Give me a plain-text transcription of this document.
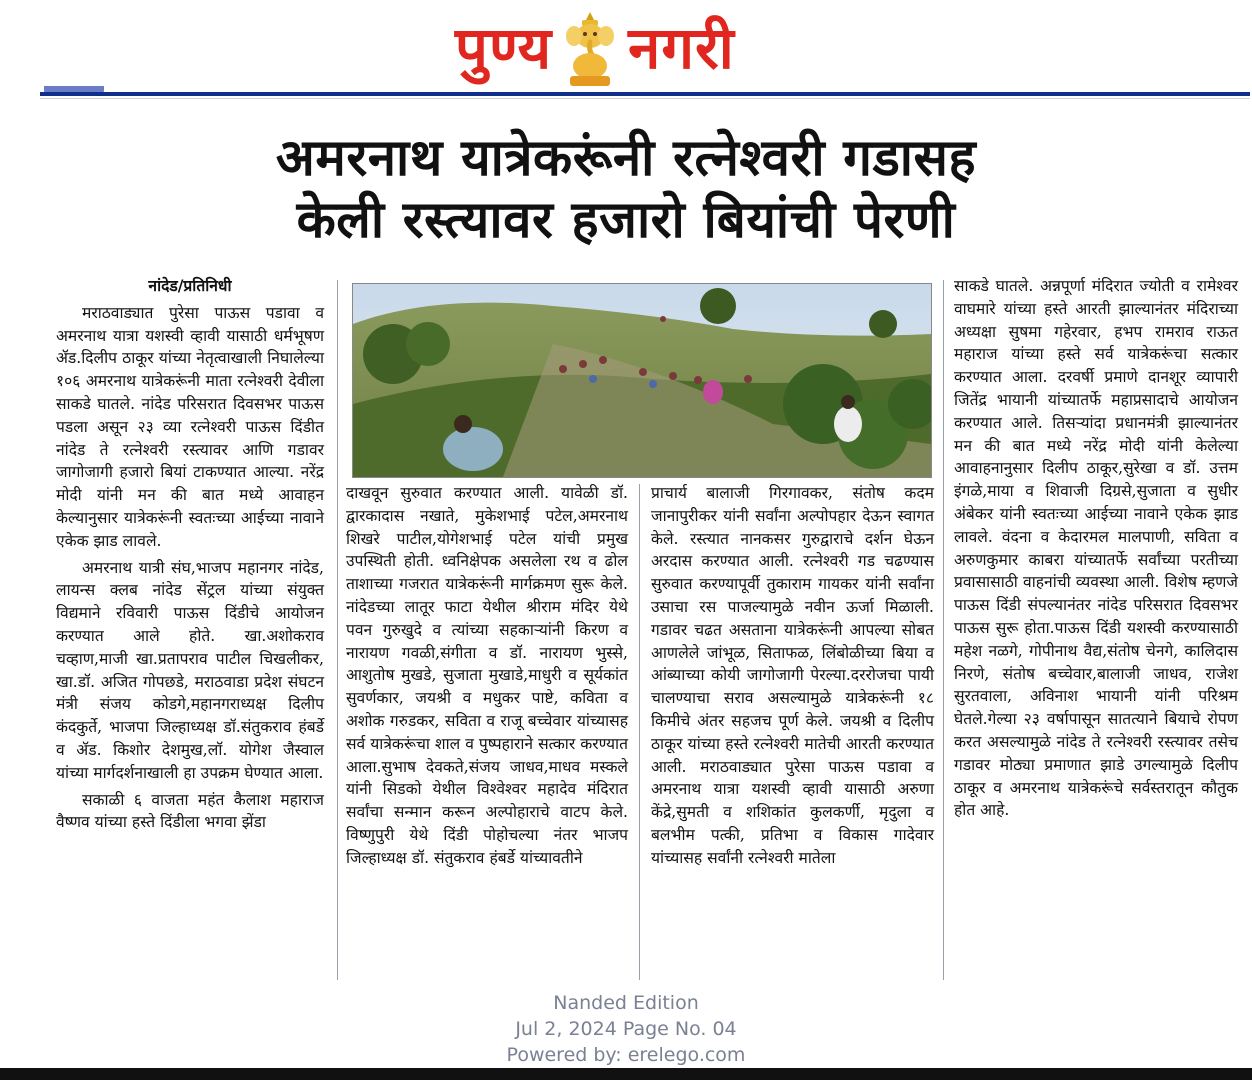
पुण्य नगरी
अमरनाथ यात्रेकरूंनी रत्नेश्वरी गडासह
केली रस्त्यावर हजारो बियांची पेरणी

नांदेड/प्रतिनिधी

मराठवाड्यात पुरेसा पाऊस पडावा व अमरनाथ यात्रा यशस्वी व्हावी यासाठी धर्मभूषण ॲड.दिलीप ठाकूर यांच्या नेतृत्वाखाली निघालेल्या १०६ अमरनाथ यात्रेकरूंनी माता रत्नेश्वरी देवीला साकडे घातले. नांदेड परिसरात दिवसभर पाऊस पडला असून २३ व्या रत्नेश्वरी पाऊस दिंडीत नांदेड ते रत्नेश्वरी रस्त्यावर आणि गडावर जागोजागी हजारो बियां टाकण्यात आल्या. नरेंद्र मोदी यांनी मन की बात मध्ये आवाहन केल्यानुसार यात्रेकरूंनी स्वतःच्या आईच्या नावाने एकेक झाड लावले.

अमरनाथ यात्री संघ,भाजप महानगर नांदेड, लायन्स क्लब नांदेड सेंट्रल यांच्या संयुक्त विद्यमाने रविवारी पाऊस दिंडीचे आयोजन करण्यात आले होते. खा.अशोकराव चव्हाण,माजी खा.प्रतापराव पाटील चिखलीकर, खा.डॉ. अजित गोपछडे, मराठवाडा प्रदेश संघटन मंत्री संजय कोडगे,महानगराध्यक्ष दिलीप कंदकुर्ते, भाजपा जिल्हाध्यक्ष डॉ.संतुकराव हंबर्डे व ॲड. किशोर देशमुख,लॉ. योगेश जैस्वाल यांच्या मार्गदर्शनाखाली हा उपक्रम घेण्यात आला.

सकाळी ६ वाजता महंत कैलाश महाराज वैष्णव यांच्या हस्ते दिंडीला भगवा झेंडा

दाखवून सुरुवात करण्यात आली. यावेळी डॉ. द्वारकादास नखाते, मुकेशभाई पटेल,अमरनाथ शिखरे पाटील,योगेशभाई पटेल यांची प्रमुख उपस्थिती होती. ध्वनिक्षेपक असलेला रथ व ढोल ताशाच्या गजरात यात्रेकरूंनी मार्गक्रमण सुरू केले. नांदेडच्या लातूर फाटा येथील श्रीराम मंदिर येथे पवन गुरुखुदे व त्यांच्या सहकाऱ्यांनी किरण व नारायण गवळी,संगीता व डॉ. नारायण भुस्से, आशुतोष मुखडे, सुजाता मुखाडे,माधुरी व सूर्यकांत सुवर्णकार, जयश्री व मधुकर पाष्टे, कविता व अशोक गरुडकर, सविता व राजू बच्चेवार यांच्यासह सर्व यात्रेकरूंचा शाल व पुष्पहाराने सत्कार करण्यात आला.सुभाष देवकते,संजय जाधव,माधव मस्कले यांनी सिडको येथील विश्वेश्वर महादेव मंदिरात सर्वांचा सन्मान करून अल्पोहाराचे वाटप केले. विष्णुपुरी येथे दिंडी पोहोचल्या नंतर भाजप जिल्हाध्यक्ष डॉ. संतुकराव हंबर्डे यांच्यावतीने

प्राचार्य बालाजी गिरगावकर, संतोष कदम जानापुरीकर यांनी सर्वांना अल्पोपहार देऊन स्वागत केले. रस्त्यात नानकसर गुरुद्वाराचे दर्शन घेऊन अरदास करण्यात आली. रत्नेश्वरी गड चढण्यास सुरुवात करण्यापूर्वी तुकाराम गायकर यांनी सर्वांना उसाचा रस पाजल्यामुळे नवीन ऊर्जा मिळाली. गडावर चढत असताना यात्रेकरूंनी आपल्या सोबत आणलेले जांभूळ, सिताफळ, लिंबोळीच्या बिया व आंब्याच्या कोयी जागोजागी पेरल्या.दररोजचा पायी चालण्याचा सराव असल्यामुळे यात्रेकरूंनी १८ किमीचे अंतर सहजच पूर्ण केले. जयश्री व दिलीप ठाकूर यांच्या हस्ते रत्नेश्वरी मातेची आरती करण्यात आली. मराठवाड्यात पुरेसा पाऊस पडावा व अमरनाथ यात्रा यशस्वी व्हावी यासाठी अरुणा केंद्रे,सुमती व शशिकांत कुलकर्णी, मृदुला व बलभीम पत्की, प्रतिभा व विकास गादेवार यांच्यासह सर्वांनी रत्नेश्वरी मातेला

साकडे घातले. अन्नपूर्णा मंदिरात ज्योती व रामेश्वर वाघमारे यांच्या हस्ते आरती झाल्यानंतर मंदिराच्या अध्यक्षा सुषमा गहेरवार, हभप रामराव राऊत महाराज यांच्या हस्ते सर्व यात्रेकरूंचा सत्कार करण्यात आला. दरवर्षी प्रमाणे दानशूर व्यापारी जितेंद्र भायानी यांच्यातर्फे महाप्रसादाचे आयोजन करण्यात आले. तिसऱ्यांदा प्रधानमंत्री झाल्यानंतर मन की बात मध्ये नरेंद्र मोदी यांनी केलेल्या आवाहनानुसार दिलीप ठाकूर,सुरेखा व डॉ. उत्तम इंगळे,माया व शिवाजी दिग्रसे,सुजाता व सुधीर अंबेकर यांनी स्वतःच्या आईच्या नावाने एकेक झाड लावले. वंदना व केदारमल मालपाणी, सविता व अरुणकुमार काबरा यांच्यातर्फे सर्वांच्या परतीच्या प्रवासासाठी वाहनांची व्यवस्था आली. विशेष म्हणजे पाऊस दिंडी संपल्यानंतर नांदेड परिसरात दिवसभर पाऊस सुरू होता.पाऊस दिंडी यशस्वी करण्यासाठी महेश नळगे, गोपीनाथ वैद्य,संतोष चेनगे, कालिदास निरणे, संतोष बच्चेवार,बालाजी जाधव, राजेश सुरतवाला, अविनाश भायानी यांनी परिश्रम घेतले.गेल्या २३ वर्षापासून सातत्याने बियाचे रोपण करत असल्यामुळे नांदेड ते रत्नेश्वरी रस्त्यावर तसेच गडावर मोठ्या प्रमाणात झाडे उगल्यामुळे दिलीप ठाकूर व अमरनाथ यात्रेकरूंचे सर्वस्तरातून कौतुक होत आहे.

Nanded Edition
Jul 2, 2024 Page No. 04
Powered by: erelego.com
